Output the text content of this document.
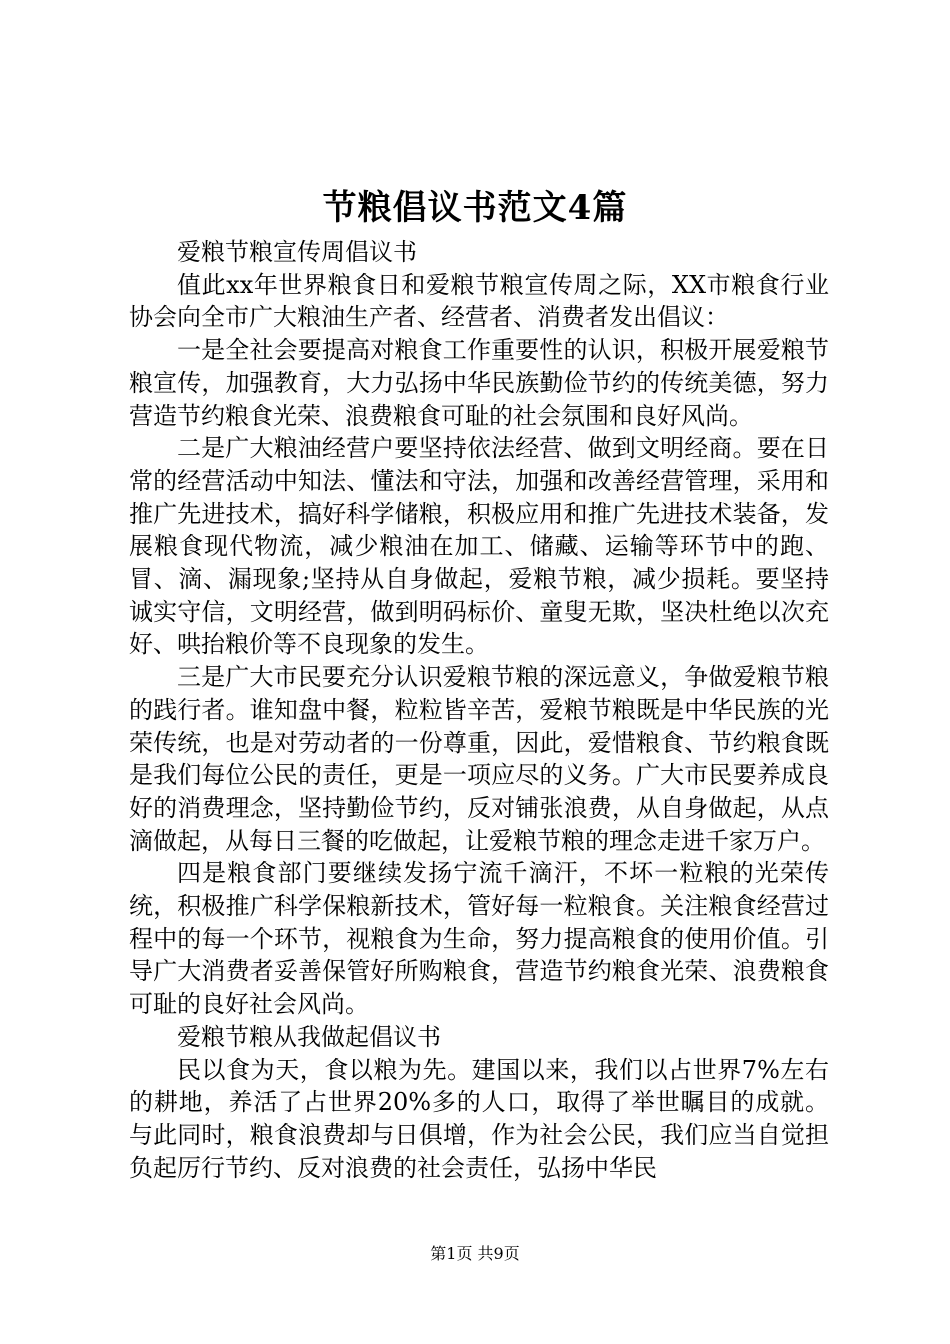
节粮倡议书范文4篇

爱粮节粮宣传周倡议书

值此xx年世界粮食日和爱粮节粮宣传周之际，XX市粮食行业协会向全市广大粮油生产者、经营者、消费者发出倡议：

一是全社会要提高对粮食工作重要性的认识，积极开展爱粮节粮宣传，加强教育，大力弘扬中华民族勤俭节约的传统美德，努力营造节约粮食光荣、浪费粮食可耻的社会氛围和良好风尚。

二是广大粮油经营户要坚持依法经营、做到文明经商。要在日常的经营活动中知法、懂法和守法，加强和改善经营管理，采用和推广先进技术，搞好科学储粮，积极应用和推广先进技术装备，发展粮食现代物流，减少粮油在加工、储藏、运输等环节中的跑、冒、滴、漏现象;坚持从自身做起，爱粮节粮，减少损耗。要坚持诚实守信，文明经营，做到明码标价、童叟无欺，坚决杜绝以次充好、哄抬粮价等不良现象的发生。

三是广大市民要充分认识爱粮节粮的深远意义，争做爱粮节粮的践行者。谁知盘中餐，粒粒皆辛苦，爱粮节粮既是中华民族的光荣传统，也是对劳动者的一份尊重，因此，爱惜粮食、节约粮食既是我们每位公民的责任，更是一项应尽的义务。广大市民要养成良好的消费理念，坚持勤俭节约，反对铺张浪费，从自身做起，从点滴做起，从每日三餐的吃做起，让爱粮节粮的理念走进千家万户。

四是粮食部门要继续发扬宁流千滴汗，不坏一粒粮的光荣传统，积极推广科学保粮新技术，管好每一粒粮食。关注粮食经营过程中的每一个环节，视粮食为生命，努力提高粮食的使用价值。引导广大消费者妥善保管好所购粮食，营造节约粮食光荣、浪费粮食可耻的良好社会风尚。

爱粮节粮从我做起倡议书

民以食为天，食以粮为先。建国以来，我们以占世界7%左右的耕地，养活了占世界20%多的人口，取得了举世瞩目的成就。与此同时，粮食浪费却与日俱增，作为社会公民，我们应当自觉担负起厉行节约、反对浪费的社会责任，弘扬中华民

第1页 共9页
